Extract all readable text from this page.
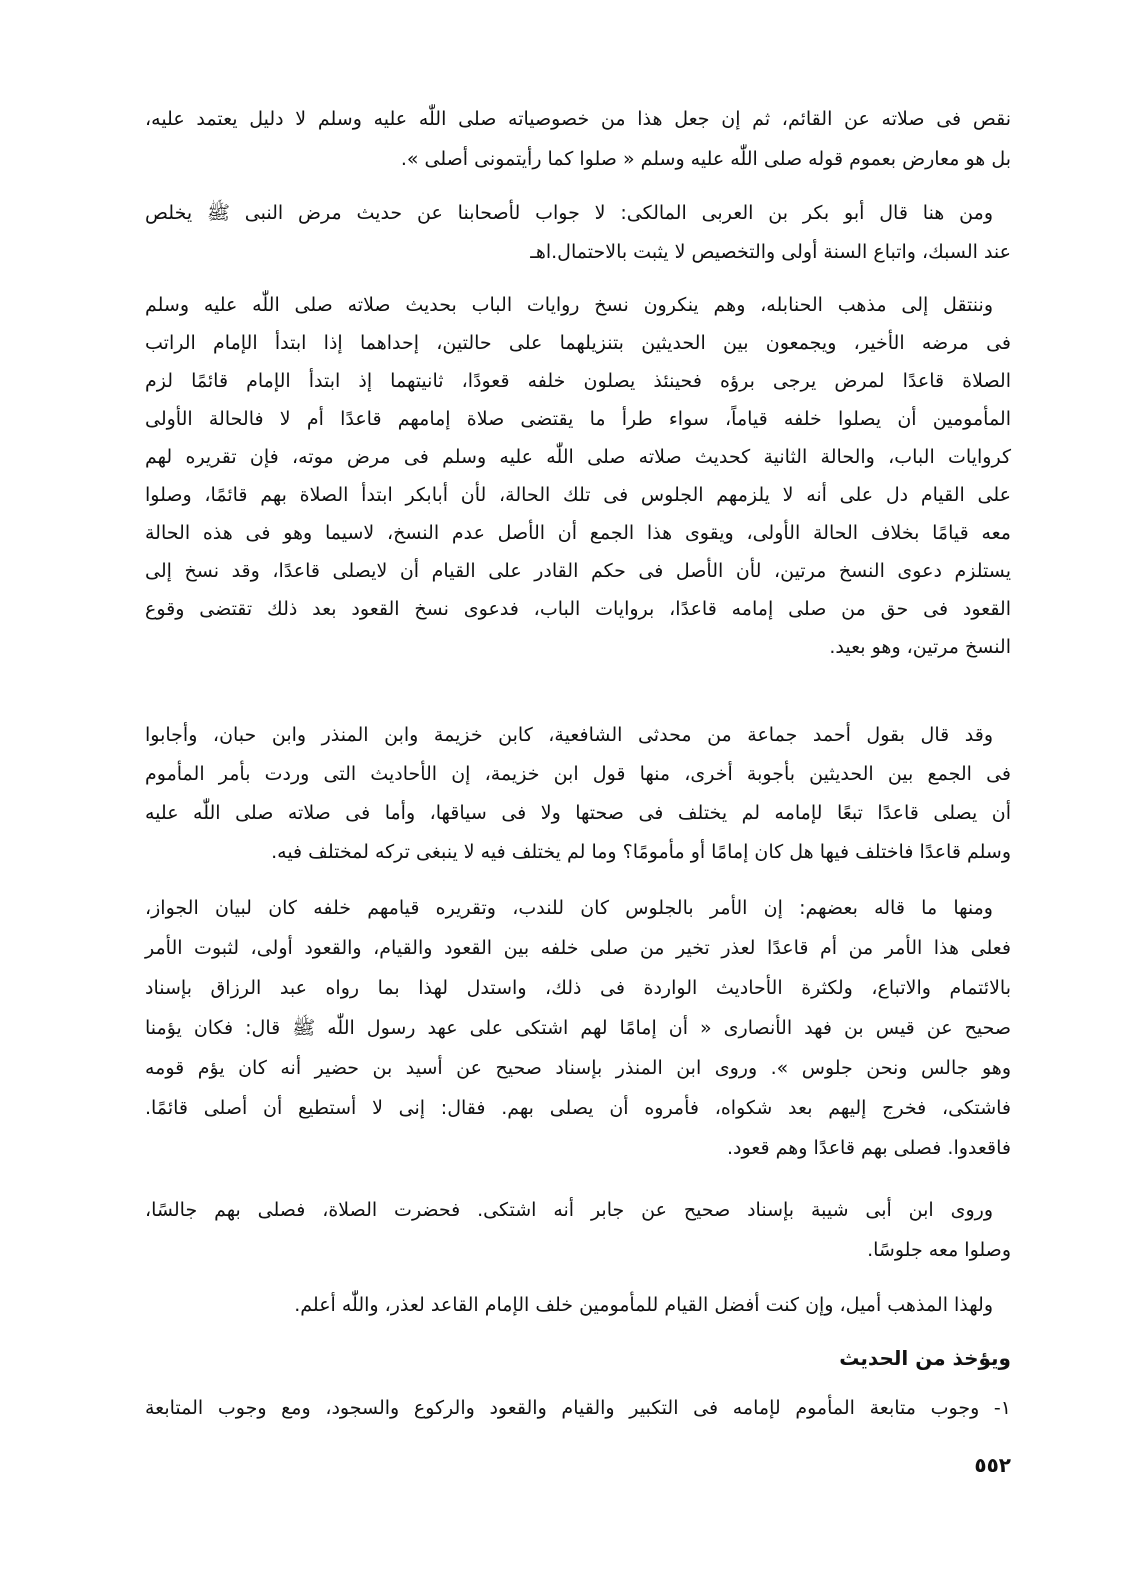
نقص فى صلاته عن القائم، ثم إن جعل هذا من خصوصياته صلى اللّٰه عليه وسلم لا دليل يعتمد عليه،
بل هو معارض بعموم قوله صلى اللّٰه عليه وسلم « صلوا كما رأيتمونى أصلى ».
ومن هنا قال أبو بكر بن العربى المالكى: لا جواب لأصحابنا عن حديث مرض النبى ﷺ يخلص
عند السبك، واتباع السنة أولى والتخصيص لا يثبت بالاحتمال.اهـ
وننتقل إلى مذهب الحنابله، وهم ينكرون نسخ روايات الباب بحديث صلاته صلى اللّٰه عليه وسلم
فى مرضه الأخير، ويجمعون بين الحديثين بتنزيلهما على حالتين، إحداهما إذا ابتدأ الإمام الراتب
الصلاة قاعدًا لمرض يرجى برؤه فحينئذ يصلون خلفه قعودًا، ثانيتهما إذ ابتدأ الإمام قائمًا لزم
المأمومين أن يصلوا خلفه قياماً، سواء طرأ ما يقتضى صلاة إمامهم قاعدًا أم لا فالحالة الأولى
كروايات الباب، والحالة الثانية كحديث صلاته صلى اللّٰه عليه وسلم فى مرض موته، فإن تقريره لهم
على القيام دل على أنه لا يلزمهم الجلوس فى تلك الحالة، لأن أبابكر ابتدأ الصلاة بهم قائمًا، وصلوا
معه قيامًا بخلاف الحالة الأولى، ويقوى هذا الجمع أن الأصل عدم النسخ، لاسيما وهو فى هذه الحالة
يستلزم دعوى النسخ مرتين، لأن الأصل فى حكم القادر على القيام أن لايصلى قاعدًا، وقد نسخ إلى
القعود فى حق من صلى إمامه قاعدًا، بروايات الباب، فدعوى نسخ القعود بعد ذلك تقتضى وقوع
النسخ مرتين، وهو بعيد.
وقد قال بقول أحمد جماعة من محدثى الشافعية، كابن خزيمة وابن المنذر وابن حبان، وأجابوا
فى الجمع بين الحديثين بأجوبة أخرى، منها قول ابن خزيمة، إن الأحاديث التى وردت بأمر المأموم
أن يصلى قاعدًا تبعًا لإمامه لم يختلف فى صحتها ولا فى سياقها، وأما فى صلاته صلى اللّٰه عليه
وسلم قاعدًا فاختلف فيها هل كان إمامًا أو مأمومًا؟ وما لم يختلف فيه لا ينبغى تركه لمختلف فيه.
ومنها ما قاله بعضهم: إن الأمر بالجلوس كان للندب، وتقريره قيامهم خلفه كان لبيان الجواز،
فعلى هذا الأمر من أم قاعدًا لعذر تخير من صلى خلفه بين القعود والقيام، والقعود أولى، لثبوت الأمر
بالائتمام والاتباع، ولكثرة الأحاديث الواردة فى ذلك، واستدل لهذا بما رواه عبد الرزاق بإسناد
صحيح عن قيس بن فهد الأنصارى « أن إمامًا لهم اشتكى على عهد رسول اللّٰه ﷺ قال: فكان يؤمنا
وهو جالس ونحن جلوس ». وروى ابن المنذر بإسناد صحيح عن أسيد بن حضير أنه كان يؤم قومه
فاشتكى، فخرج إليهم بعد شكواه، فأمروه أن يصلى بهم. فقال: إنى لا أستطيع أن أصلى قائمًا.
فاقعدوا. فصلى بهم قاعدًا وهم قعود.
وروى ابن أبى شيبة بإسناد صحيح عن جابر أنه اشتكى. فحضرت الصلاة، فصلى بهم جالسًا،
وصلوا معه جلوسًا.
ولهذا المذهب أميل، وإن كنت أفضل القيام للمأمومين خلف الإمام القاعد لعذر، واللّٰه أعلم.
ويؤخذ من الحديث
١- وجوب متابعة المأموم لإمامه فى التكبير والقيام والقعود والركوع والسجود، ومع وجوب المتابعة
٥٥٢
